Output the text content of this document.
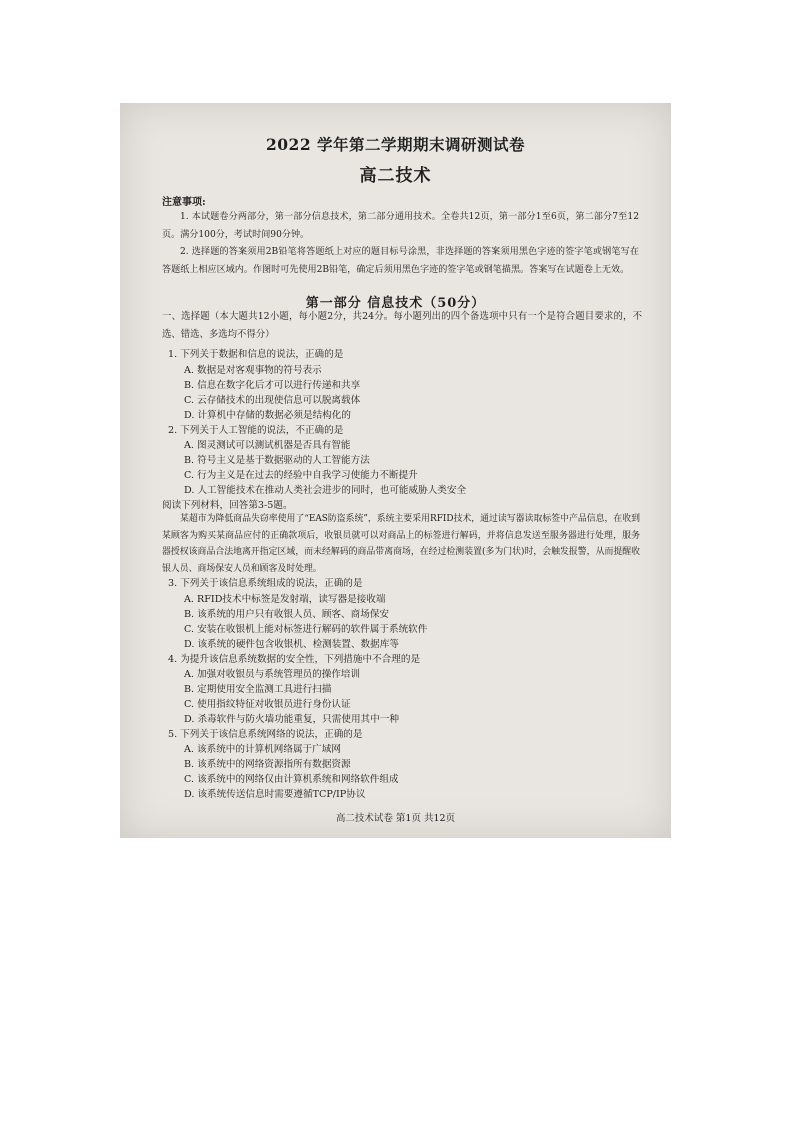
2022 学年第二学期期末调研测试卷
高二技术
注意事项:
1. 本试题卷分两部分，第一部分信息技术，第二部分通用技术。全卷共12页，第一部分1至6页，第二部分7至12页。满分100分，考试时间90分钟。
2. 选择题的答案须用2B铅笔将答题纸上对应的题目标号涂黑，非选择题的答案须用黑色字迹的签字笔或钢笔写在答题纸上相应区域内。作图时可先使用2B铅笔，确定后须用黑色字迹的签字笔或钢笔描黑。答案写在试题卷上无效。
第一部分 信息技术（50分）
一、选择题（本大题共12小题，每小题2分，共24分。每小题列出的四个备选项中只有一个是符合题目要求的，不选、错选、多选均不得分）
1. 下列关于数据和信息的说法，正确的是
A. 数据是对客观事物的符号表示
B. 信息在数字化后才可以进行传递和共享
C. 云存储技术的出现使信息可以脱离载体
D. 计算机中存储的数据必须是结构化的
2. 下列关于人工智能的说法，不正确的是
A. 图灵测试可以测试机器是否具有智能
B. 符号主义是基于数据驱动的人工智能方法
C. 行为主义是在过去的经验中自我学习使能力不断提升
D. 人工智能技术在推动人类社会进步的同时，也可能威胁人类安全
阅读下列材料，回答第3-5题。
某超市为降低商品失窃率使用了“EAS防盗系统”，系统主要采用RFID技术，通过读写器读取标签中产品信息，在收到某顾客为购买某商品应付的正确款项后，收银员就可以对商品上的标签进行解码，并将信息发送至服务器进行处理，服务器授权该商品合法地离开指定区域，而未经解码的商品带离商场，在经过检测装置(多为门状)时，会触发报警，从而提醒收银人员、商场保安人员和顾客及时处理。
3. 下列关于该信息系统组成的说法，正确的是
A. RFID技术中标签是发射端，读写器是接收端
B. 该系统的用户只有收银人员、顾客、商场保安
C. 安装在收银机上能对标签进行解码的软件属于系统软件
D. 该系统的硬件包含收银机、检测装置、数据库等
4. 为提升该信息系统数据的安全性，下列措施中不合理的是
A. 加强对收银员与系统管理员的操作培训
B. 定期使用安全监测工具进行扫描
C. 使用指纹特征对收银员进行身份认证
D. 杀毒软件与防火墙功能重复，只需使用其中一种
5. 下列关于该信息系统网络的说法，正确的是
A. 该系统中的计算机网络属于广域网
B. 该系统中的网络资源指所有数据资源
C. 该系统中的网络仅由计算机系统和网络软件组成
D. 该系统传送信息时需要遵循TCP/IP协议
高二技术试卷 第1页 共12页
